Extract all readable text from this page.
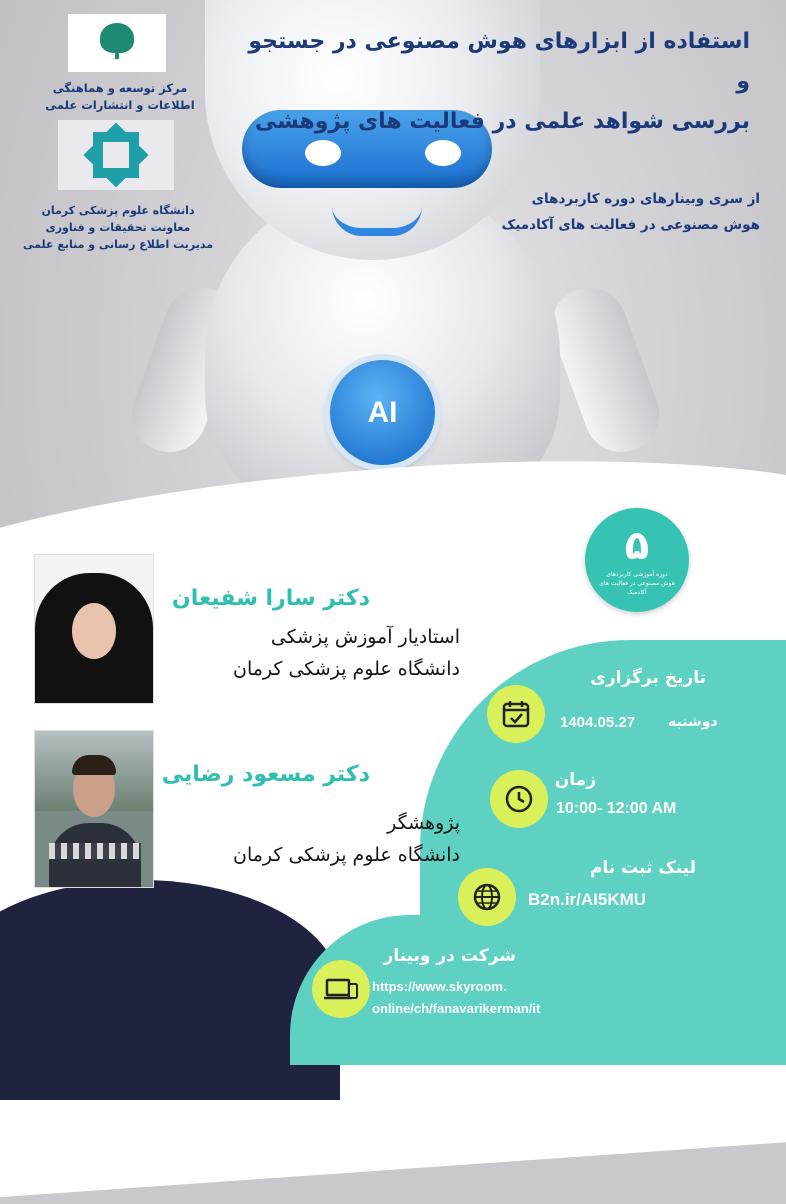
AI
استفاده از ابزارهای هوش مصنوعی در جستجو و
بررسی شواهد علمی در فعالیت های پژوهشی
از سری وبینارهای دوره کاربردهای
هوش مصنوعی در فعالیت های آکادمیک

مرکز توسعه و هماهنگی
اطلاعات و انتشارات علمی
دانشگاه علوم پزشکی کرمان
معاونت تحقیقات و فناوری
مدیریت اطلاع رسانی و منابع علمی
۵
دوره آموزشی کاربردهای هوش مصنوعی در فعالیت های آکادمیک
دکتر سارا شفیعان
استادیار آموزش پزشکی
دانشگاه علوم پزشکی کرمان
دکتر مسعود رضایی
پژوهشگر
دانشگاه علوم پزشکی کرمان
تاریخ برگزاری
1404.05.27 دوشنبه
زمان
10:00- 12:00 AM
لینک ثبت نام
B2n.ir/AI5KMU
شرکت در وبینار
https://www.skyroom.
online/ch/fanavarikerman/it
